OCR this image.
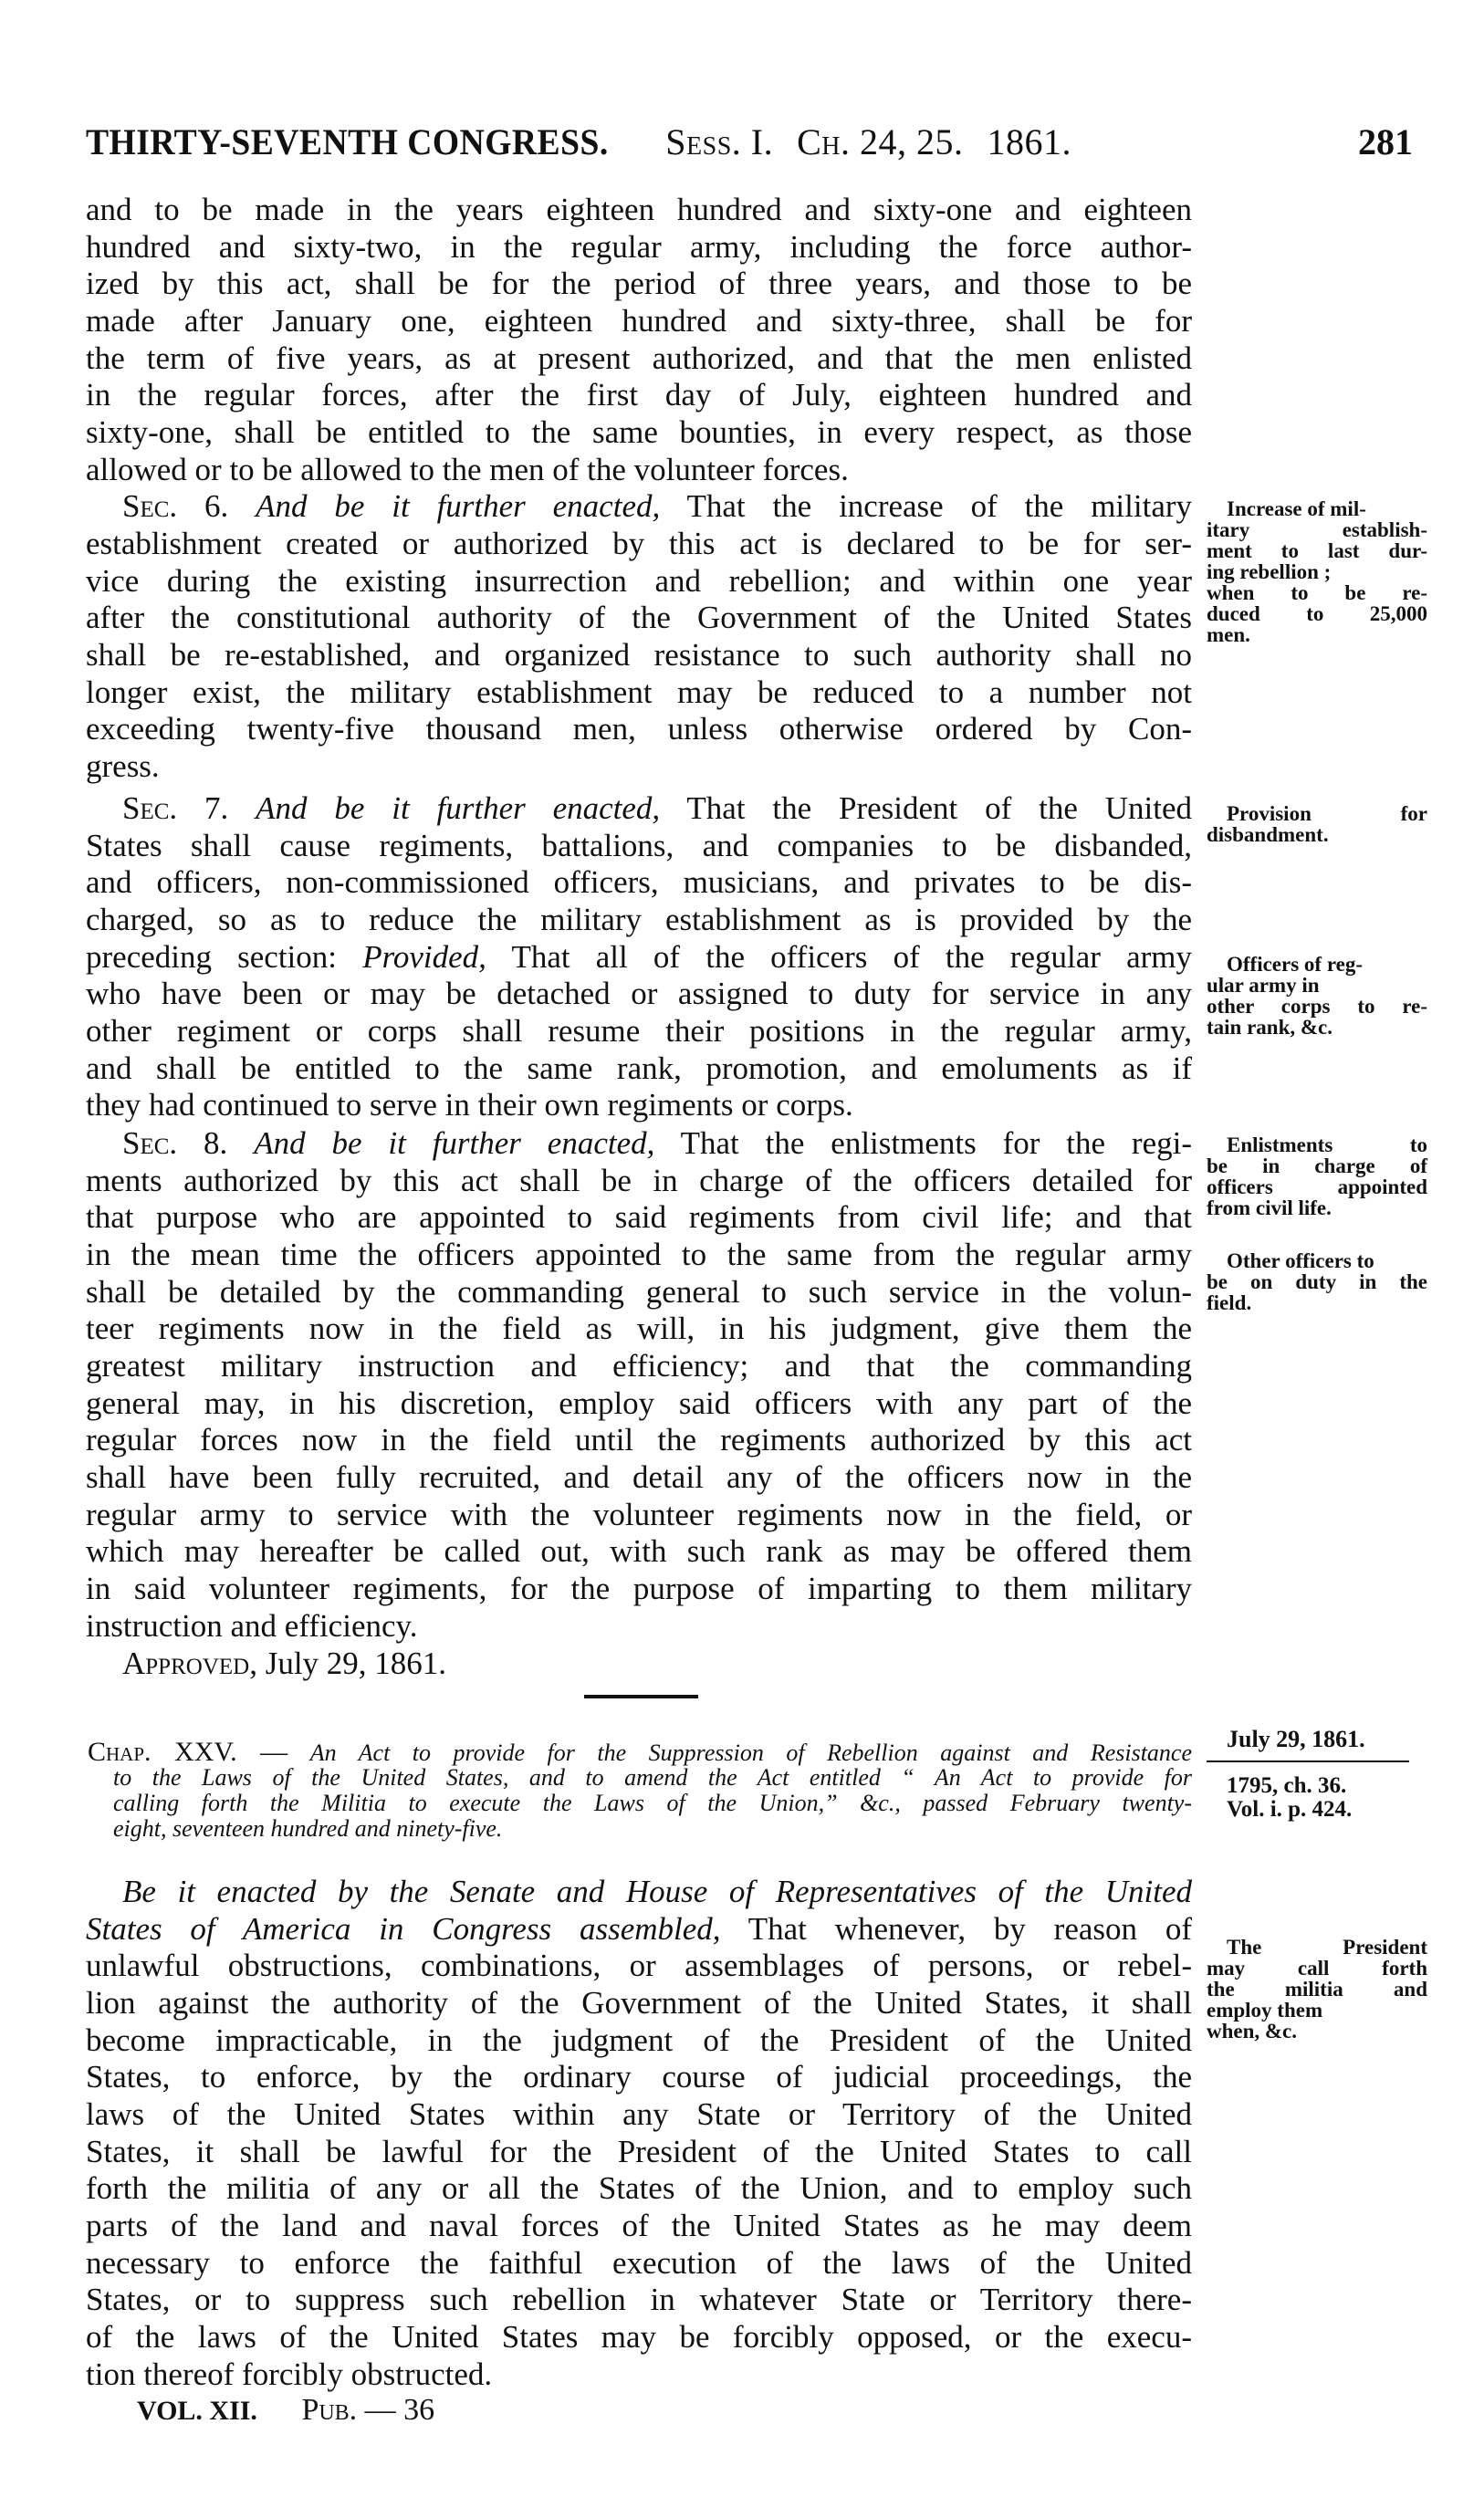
THIRTY-SEVENTH CONGRESS. Sess. I. Ch. 24, 25. 1861.	281
and to be made in the years eighteen hundred and sixty-one and eighteen
hundred and sixty-two, in the regular army, including the force author-
ized by this act, shall be for the period of three years, and those to be
made after January one, eighteen hundred and sixty-three, shall be for
the term of five years, as at present authorized, and that the men enlisted
in the regular forces, after the first day of July, eighteen hundred and
sixty-one, shall be entitled to the same bounties, in every respect, as those
allowed or to be allowed to the men of the volunteer forces.
Sec. 6. And be it further enacted, That the increase of the military
establishment created or authorized by this act is declared to be for ser-
vice during the existing insurrection and rebellion; and within one year
after the constitutional authority of the Government of the United States
shall be re-established, and organized resistance to such authority shall no
longer exist, the military establishment may be reduced to a number not
exceeding twenty-five thousand men, unless otherwise ordered by Con-
gress.
Sec. 7. And be it further enacted, That the President of the United
States shall cause regiments, battalions, and companies to be disbanded,
and officers, non-commissioned officers, musicians, and privates to be dis-
charged, so as to reduce the military establishment as is provided by the
preceding section: Provided, That all of the officers of the regular army
who have been or may be detached or assigned to duty for service in any
other regiment or corps shall resume their positions in the regular army,
and shall be entitled to the same rank, promotion, and emoluments as if
they had continued to serve in their own regiments or corps.
Sec. 8. And be it further enacted, That the enlistments for the regi-
ments authorized by this act shall be in charge of the officers detailed for
that purpose who are appointed to said regiments from civil life; and that
in the mean time the officers appointed to the same from the regular army
shall be detailed by the commanding general to such service in the volun-
teer regiments now in the field as will, in his judgment, give them the
greatest military instruction and efficiency; and that the commanding
general may, in his discretion, employ said officers with any part of the
regular forces now in the field until the regiments authorized by this act
shall have been fully recruited, and detail any of the officers now in the
regular army to service with the volunteer regiments now in the field, or
which may hereafter be called out, with such rank as may be offered them
in said volunteer regiments, for the purpose of imparting to them military
instruction and efficiency.
Approved, July 29, 1861.
Chap. XXV. — An Act to provide for the Suppression of Rebellion against and Resistance
to the Laws of the United States, and to amend the Act entitled “ An Act to provide for
calling forth the Militia to execute the Laws of the Union,” &c., passed February twenty-
eight, seventeen hundred and ninety-five.
Be it enacted by the Senate and House of Representatives of the United
States of America in Congress assembled, That whenever, by reason of
unlawful obstructions, combinations, or assemblages of persons, or rebel-
lion against the authority of the Government of the United States, it shall
become impracticable, in the judgment of the President of the United
States, to enforce, by the ordinary course of judicial proceedings, the
laws of the United States within any State or Territory of the United
States, it shall be lawful for the President of the United States to call
forth the militia of any or all the States of the Union, and to employ such
parts of the land and naval forces of the United States as he may deem
necessary to enforce the faithful execution of the laws of the United
States, or to suppress such rebellion in whatever State or Territory there-
of the laws of the United States may be forcibly opposed, or the execu-
tion thereof forcibly obstructed.
VOL. XII. Pub. — 36
Increase of mil-
itary establish-
ment to last dur-
ing rebellion ;
when to be re-
duced to 25,000
men.
Provision for
disbandment.
Officers of reg-
ular army in
other corps to re-
tain rank, &c.
Enlistments to
be in charge of
officers appointed
from civil life.
Other officers to
be on duty in the
field.
July 29, 1861.
1795, ch. 36.
Vol. i. p. 424.
The President
may call forth
the militia and
employ them
when, &c.
